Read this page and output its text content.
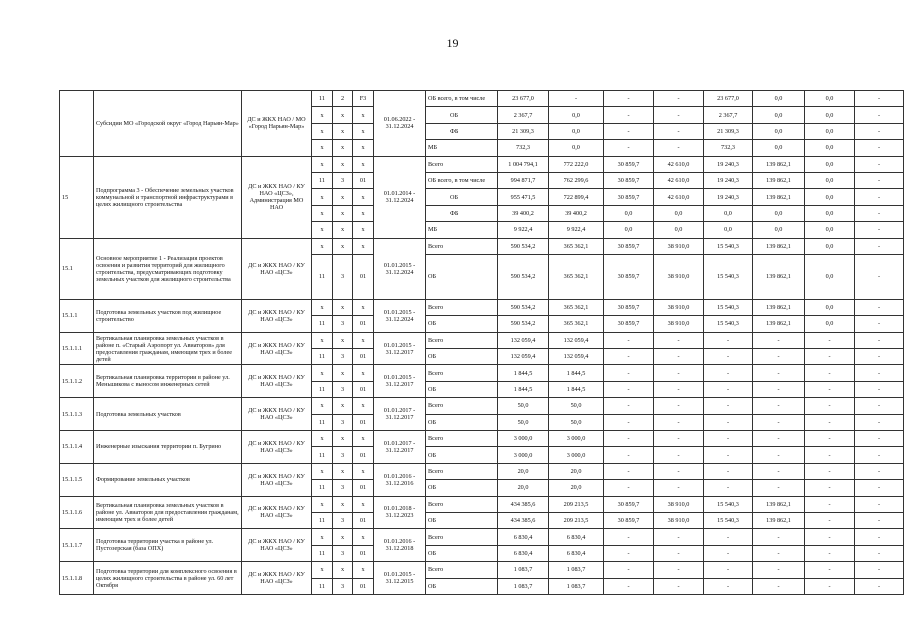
19
	Субсидии МО «Городской округ «Город Нарьян-Мар»	ДС и ЖКХ НАО / МО «Город Нарьян-Мар»	11	2	F3	01.06.2022 - 31.12.2024	ОБ всего, в том числе	23 677,0	-	-	-	23 677,0	0,0	0,0	-
			x	x	x		ОБ	2 367,7	0,0	-	-	2 367,7	0,0	0,0	-
			x	x	x		ФБ	21 309,3	0,0	-	-	21 309,3	0,0	0,0	-
			x	x	x		МБ	732,3	0,0	-	-	732,3	0,0	0,0	-
15	Подпрограмма 3 - Обеспечение земельных участков коммунальной и транспортной инфраструктурами в целях жилищного строительства	ДС и ЖКХ НАО / КУ НАО «ЦСЗ», Администрация МО НАО	x	x	x	01.01.2014 - 31.12.2024	Всего	1 004 794,1	772 222,0	30 859,7	42 610,0	19 240,3	139 862,1	0,0	-
			11	3	01		ОБ всего, в том числе	994 871,7	762 299,6	30 859,7	42 610,0	19 240,3	139 862,1	0,0	-
			x	x	x		ОБ	955 471,5	722 899,4	30 859,7	42 610,0	19 240,3	139 862,1	0,0	-
			x	x	x		ФБ	39 400,2	39 400,2	0,0	0,0	0,0	0,0	0,0	-
			x	x	x		МБ	9 922,4	9 922,4	0,0	0,0	0,0	0,0	0,0	-
15.1	Основное мероприятие 1 - Реализация проектов освоения и развития территорий для жилищного строительства, предусматривающих подготовку земельных участков для жилищного строительства	ДС и ЖКХ НАО / КУ НАО «ЦСЗ»	x	x	x	01.01.2015 - 31.12.2024	Всего	590 534,2	365 362,1	30 859,7	38 910,0	15 540,3	139 862,1	0,0	-
			11	3	01		ОБ	590 534,2	365 362,1	30 859,7	38 910,0	15 540,3	139 862,1	0,0	-
15.1.1	Подготовка земельных участков под жилищное строительство	ДС и ЖКХ НАО / КУ НАО «ЦСЗ»	x	x	x	01.01.2015 - 31.12.2024	Всего	590 534,2	365 362,1	30 859,7	38 910,0	15 540,3	139 862,1	0,0	-
			11	3	01		ОБ	590 534,2	365 362,1	30 859,7	38 910,0	15 540,3	139 862,1	0,0	-
15.1.1.1	Вертикальная планировка земельных участков в районе п. «Старый Аэропорт ул. Авиаторов» для предоставления гражданам, имеющим трех и более детей	ДС и ЖКХ НАО / КУ НАО «ЦСЗ»	x	x	x	01.01.2015 - 31.12.2017	Всего	132 059,4	132 059,4	-	-	-	-	-	-
			11	3	01		ОБ	132 059,4	132 059,4	-	-	-	-	-	-
15.1.1.2	Вертикальная планировка территории в районе ул. Меньшикова с выносом инженерных сетей	ДС и ЖКХ НАО / КУ НАО «ЦСЗ»	x	x	x	01.01.2015 - 31.12.2017	Всего	1 844,5	1 844,5	-	-	-	-	-	-
			11	3	01		ОБ	1 844,5	1 844,5	-	-	-	-	-	-
15.1.1.3	Подготовка земельных участков	ДС и ЖКХ НАО / КУ НАО «ЦСЗ»	x	x	x	01.01.2017 - 31.12.2017	Всего	50,0	50,0	-	-	-	-	-	-
			11	3	01		ОБ	50,0	50,0	-	-	-	-	-	-
15.1.1.4	Инженерные изыскания территории п. Бугрино	ДС и ЖКХ НАО / КУ НАО «ЦСЗ»	x	x	x	01.01.2017 - 31.12.2017	Всего	3 000,0	3 000,0	-	-	-	-	-	-
			11	3	01		ОБ	3 000,0	3 000,0	-	-	-	-	-	-
15.1.1.5	Формирование земельных участков	ДС и ЖКХ НАО / КУ НАО «ЦСЗ»	x	x	x	01.01.2016 - 31.12.2016	Всего	20,0	20,0	-	-	-	-	-	-
			11	3	01		ОБ	20,0	20,0	-	-	-	-	-	-
15.1.1.6	Вертикальная планировка земельных участков в районе ул. Авиаторов для предоставления гражданам, имеющим трех и более детей	ДС и ЖКХ НАО / КУ НАО «ЦСЗ»	x	x	x	01.01.2018 - 31.12.2023	Всего	434 385,6	209 213,5	30 859,7	38 910,0	15 540,3	139 862,1	-	-
			11	3	01		ОБ	434 385,6	209 213,5	30 859,7	38 910,0	15 540,3	139 862,1	-	-
15.1.1.7	Подготовка территории участка в районе ул. Пустозерская (база ОПХ)	ДС и ЖКХ НАО / КУ НАО «ЦСЗ»	x	x	x	01.01.2016 - 31.12.2018	Всего	6 830,4	6 830,4	-	-	-	-	-	-
			11	3	01		ОБ	6 830,4	6 830,4	-	-	-	-	-	-
15.1.1.8	Подготовка территории для комплексного освоения в целях жилищного строительства в районе ул. 60 лет Октября	ДС и ЖКХ НАО / КУ НАО «ЦСЗ»	x	x	x	01.01.2015 - 31.12.2015	Всего	1 083,7	1 083,7	-	-	-	-	-	-
			11	3	01		ОБ	1 083,7	1 083,7	-	-	-	-	-	-
